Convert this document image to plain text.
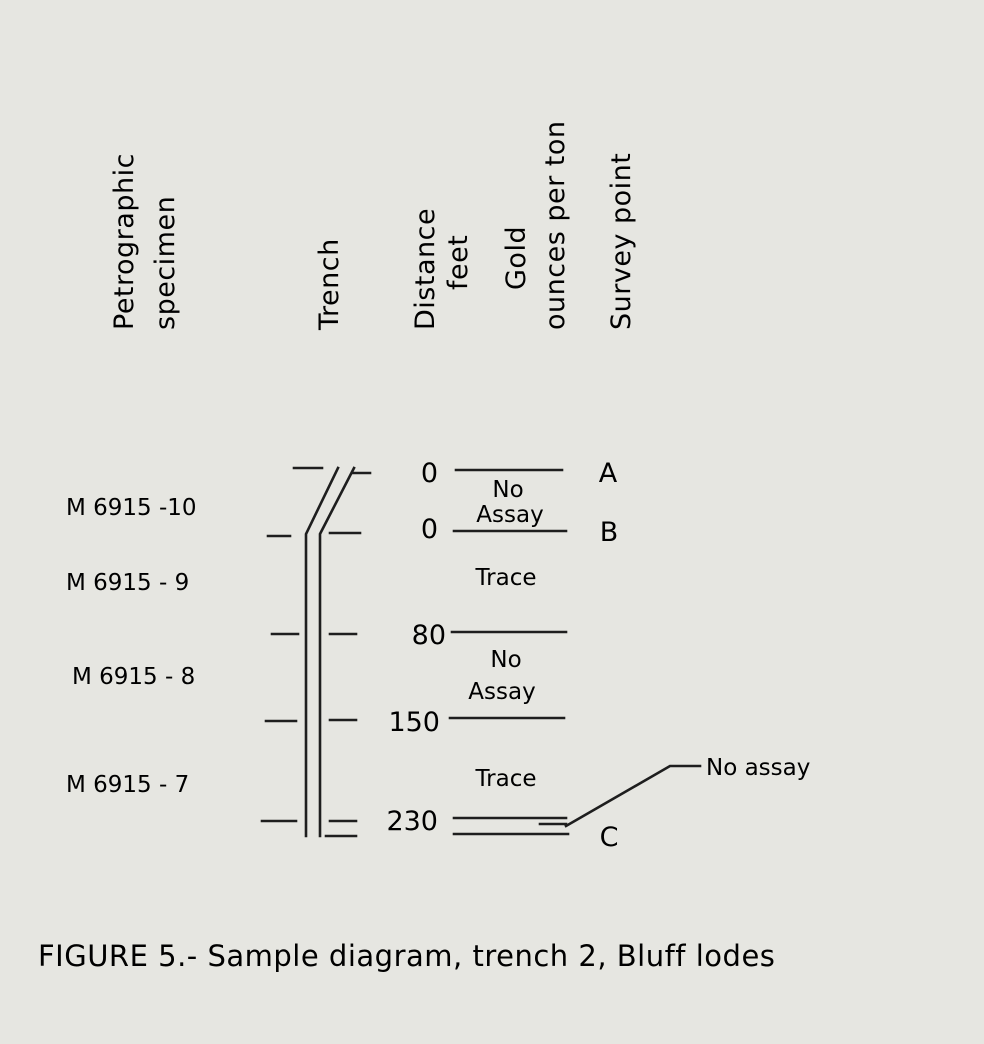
Petrographic specimen	Trench Distance feet Gold ounces per ton Survey point
M 6915 -10
M 6915 - 9
M 6915 - 8
M 6915 - 7
0
0
80
150
230
No
Assay
Trace
No
Assay
Trace
A
B
C
No assay
FIGURE 5.- Sample diagram, trench 2, Bluff lodes
